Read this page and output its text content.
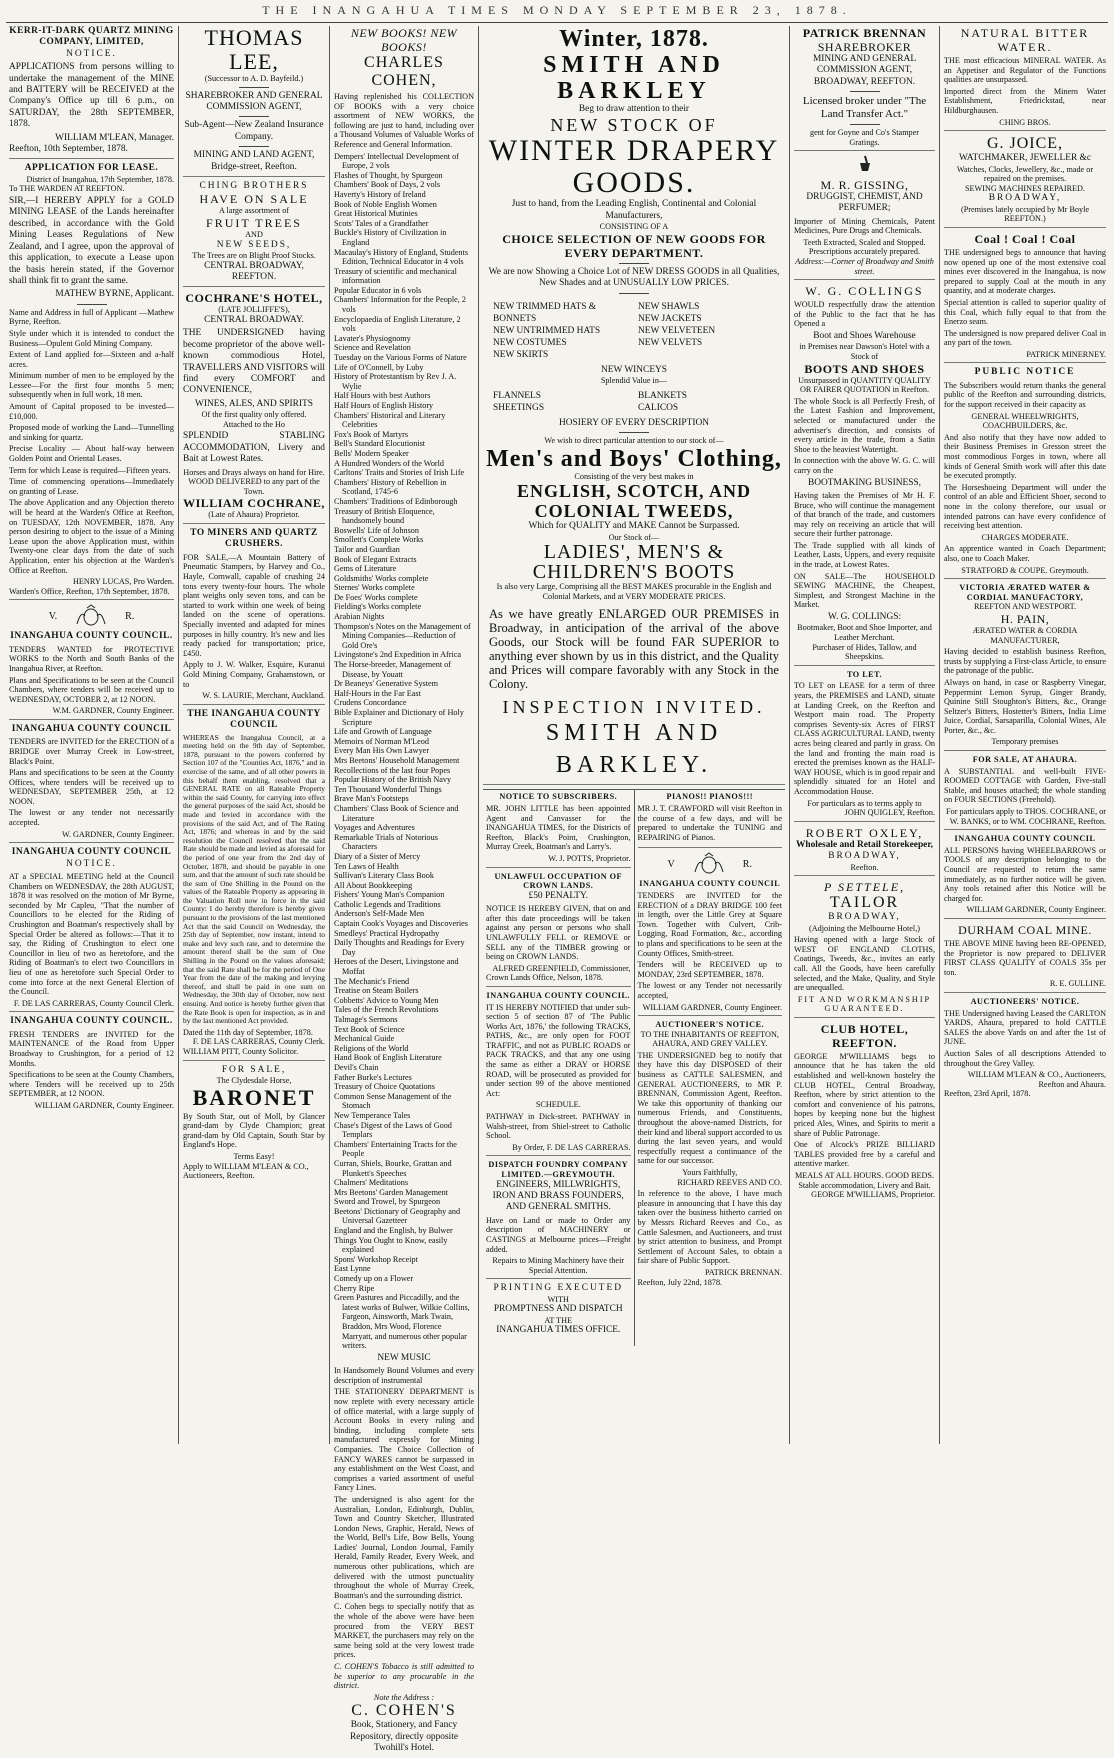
THE INANGAHUA TIMES MONDAY SEPTEMBER 23, 1878.
KERR-IT-DARK QUARTZ MINING COMPANY, LIMITED,
NOTICE.
APPLICATIONS from persons willing to undertake the management of the MINE and BATTERY will be RECEIVED at the Company's Office up till 6 p.m., on SATURDAY, the 28th SEPTEMBER, 1878.
WILLIAM M'LEAN, Manager.
Reefton, 10th September, 1878.
APPLICATION FOR LEASE.
District of Inangahua, 17th September, 1878.
To THE WARDEN AT REEFTON.
SIR,—I HEREBY APPLY for a GOLD MINING LEASE of the Lands hereinafter described, in accordance with the Gold Mining Leases Regulations of New Zealand, and I agree, upon the approval of this application, to execute a Lease upon the basis herein stated, if the Governor shall think fit to grant the same.
MATHEW BYRNE, Applicant.
Name and Address in full of Applicant —Mathew Byrne, Reefton.
Style under which it is intended to conduct the Business—Opulent Gold Mining Company.
Extent of Land applied for—Sixteen and a-half acres.
Minimum number of men to be employed by the Lessee—For the first four months 5 men; subsequently when in full work, 18 men.
Amount of Capital proposed to be invested—£10,000.
Proposed mode of working the Land—Tunnelling and sinking for quartz.
Precise Locality — About half-way between Golden Point and Oriental Leases.
Term for which Lease is required—Fifteen years.
Time of commencing operations—Immediately on granting of Lease.
The above Application and any Objection thereto will be heard at the Warden's Office at Reefton, on TUESDAY, 12th NOVEMBER, 1878. Any person desiring to object to the issue of a Mining Lease upon the above Application must, within Twenty-one clear days from the date of such Application, enter his objection at the Warden's Office at Reefton.
HENRY LUCAS, Pro Warden.
Warden's Office, Reefton, 17th September, 1878.
V.	R.
INANGAHUA COUNTY COUNCIL.
TENDERS WANTED for PROTECTIVE WORKS to the North and South Banks of the Inangahua River, at Reefton.
Plans and Specifications to be seen at the Council Chambers, where tenders will be received up to WEDNESDAY, OCTOBER 2, at 12 NOON.
W.M. GARDNER, County Engineer.
INANGAHUA COUNTY COUNCIL
TENDERS are INVITED for the ERECTION of a BRIDGE over Murray Creek in Low-street, Black's Point.
Plans and specifications to be seen at the County Offices, where tenders will be received up to WEDNESDAY, SEPTEMBER 25th, at 12 NOON.
The lowest or any tender not necessarily accepted.
W. GARDNER, County Engineer.
INANGAHUA COUNTY COUNCIL
NOTICE.
AT a SPECIAL MEETING held at the Council Chambers on WEDNESDAY, the 28th AUGUST, 1878 it was resolved on the motion of Mr Byrne, seconded by Mr Capleu, "That the number of Councillors to be elected for the Riding of Crushington and Boatman's respectively shall by Special Order be altered as follows:—That it to say, the Riding of Crushington to elect one Councillor in lieu of two as heretofore, and the Riding of Boatman's to elect two Councillors in lieu of one as heretofore such Special Order to come into force at the next General Election of the Council.
F. DE LAS CARRERAS, County Council Clerk.
INANGAHUA COUNTY COUNCIL.
FRESH TENDERS are INVITED for the MAINTENANCE of the Road from Upper Broadway to Crushington, for a period of 12 Months.
Specifications to be seen at the County Chambers, where Tenders will be received up to 25th SEPTEMBER, at 12 NOON.
WILLIAM GARDNER, County Engineer.
THOMAS LEE,
(Successor to A. D. Bayfeild.)
SHAREBROKER AND GENERAL COMMISSION AGENT,
Sub-Agent—New Zealand Insurance Company.
MINING AND LAND AGENT,
Bridge-street, Reefton.
CHING BROTHERS
HAVE ON SALE
A large assortment of
FRUIT TREES
AND
NEW SEEDS,
The Trees are on Blight Proof Stocks.
CENTRAL BROADWAY, REEFTON.
COCHRANE'S HOTEL,
(LATE JOLLIFFE'S),
CENTRAL BROADWAY.
THE UNDERSIGNED having become proprietor of the above well-known commodious Hotel, TRAVELLERS AND VISITORS will find every COMFORT and CONVENIENCE,
WINES, ALES, AND SPIRITS
Of the first quality only offered.
Attached to the Ho
SPLENDID STABLING ACCOMMODATION, Livery and Bait at Lowest Rates.
Horses and Drays always on hand for Hire.
WOOD DELIVERED to any part of the Town.
WILLIAM COCHRANE,
(Late of Ahaura) Proprietor.
TO MINERS AND QUARTZ CRUSHERS.
FOR SALE,—A Mountain Battery of Pneumatic Stampers, by Harvey and Co., Hayle, Cornwall, capable of crushing 24 tons every twenty-four hours. The whole plant weighs only seven tons, and can be started to work within one week of being landed on the scene of operations. Specially invented and adapted for mines purposes in hilly country. It's new and lies ready packed for transportation; price, £450.
Apply to J. W. Walker, Esquire, Kuranui Gold Mining Company, Grahamstown, or to
W. S. LAURIE, Merchant, Auckland.
THE INANGAHUA COUNTY COUNCIL
WHEREAS the Inangahua Council, at a meeting held on the 9th day of September, 1878, pursuant to the powers conferred by Section 107 of the "Counties Act, 1876," and in exercise of the same, and of all other powers in this behalf them enabling, resolved that a GENERAL RATE on all Rateable Property within the said County, for carrying into effect the general purposes of the said Act, should be made and levied in accordance with the provisions of the said Act, and of The Rating Act, 1876; and whereas in and by the said resolution the Council resolved that the said Rate should be made and levied as aforesaid for the period of one year from the 2nd day of October, 1878, and should be payable in one sum, and that the amount of such rate should be the sum of One Shilling in the Pound on the values of the Rateable Property as appearing in the Valuation Roll now in force in the said County: I do hereby therefore is hereby given pursuant to the provisions of the last mentioned Act that the said Council on Wednesday, the 25th day of September, now instant, intend to make and levy such rate, and to determine the amount thereof shall be the sum of One Shilling in the Pound on the values aforesaid; that the said Rate shall be for the period of One Year from the date of the making and levying thereof, and shall be paid in one sum on Wednesday, the 30th day of October, now next ensuing. And notice is hereby further given that the Rate Book is open for inspection, as in and by the last mentioned Act provided.
Dated the 11th day of September, 1878.
F. DE LAS CARRERAS, County Clerk.
WILLIAM PITT, County Solicitor.
FOR SALE,
The Clydesdale Horse,
BARONET
By South Star, out of Moll, by Glancer grand-dam by Clyde Champion; great grand-dam by Old Captain, South Star by England's Hope.
Terms Easy!
Apply to WILLIAM M'LEAN & CO., Auctioneers, Reefton.
NEW BOOKS! NEW BOOKS!
CHARLES COHEN,
Having replenished his COLLECTION OF BOOKS with a very choice assortment of NEW WORKS, the following are just to hand, including over a Thousand Volumes of Valuable Works of Reference and General Information.
Dempers' Intellectual Development of Europe, 2 vols
Flashes of Thought, by Spurgeon
Chambers' Book of Days, 2 vols
Haverty's History of Ireland
Book of Noble English Women
Great Historical Mutinies
Scots' Tales of a Grandfather
Buckle's History of Civilization in England
Macaulay's History of England, Students Edition, Technical Educator in 4 vols
Treasury of scientific and mechanical information
Popular Educator in 6 vols
Chambers' Information for the People, 2 vols
Encyclopaedia of English Literature, 2 vols
Lavater's Physiognomy
Science and Revelation
Tuesday on the Various Forms of Nature
Life of O'Connell, by Luby
History of Protestantism by Rev J. A. Wylie
Half Hours with best Authors
Half Hours of English History
Chambers' Historical and Literary Celebrities
Fox's Book of Martyrs
Bell's Standard Elocutionist
Bells' Modern Speaker
A Hundred Wonders of the World
Carltons' Traits and Stories of Irish Life
Chambers' History of Rebellion in Scotland, 1745-6
Chambers' Traditions of Edinborough
Treasury of British Eloquence, handsomely bound
Boswells' Life of Johnson
Smollett's Complete Works
Tailor and Guardian
Book of Elegant Extracts
Gems of Literature
Goldsmiths' Works complete
Sternes' Works complete
De Foes' Works complete
Fielding's Works complete
Arabian Nights
Thompson's Notes on the Management of Mining Companies—Reduction of Gold Ore's
Livingstone's 2nd Expedition in Africa
The Horse-breeder, Management of Disease, by Youatt
Dr Beaneys' Generative System
Half-Hours in the Far East
Crudens Concordance
Bible Explainer and Dictionary of Holy Scripture
Life and Growth of Language
Memoirs of Norman M'Leod
Every Man His Own Lawyer
Mrs Beetons' Household Management
Recollections of the last four Popes
Popular History of the British Navy
Ten Thousand Wonderful Things
Brave Man's Footsteps
Chambers' Class Book of Science and Literature
Voyages and Adventures
Remarkable Trials of Notorious Characters
Diary of a Sister of Mercy
Ten Laws of Health
Sullivan's Literary Class Book
All About Bookkeeping
Fishers' Young Man's Companion
Catholic Legends and Traditions
Anderson's Self-Made Men
Captain Cook's Voyages and Discoveries
Smedleys' Practical Hydropathy
Daily Thoughts and Readings for Every Day
Heroes of the Desert, Livingstone and Moffat
The Mechanic's Friend
Treatise on Steam Boilers
Cobbetts' Advice to Young Men
Tales of the French Revolutions
Talmage's Sermons
Text Book of Science
Mechanical Guide
Religions of the World
Hand Book of English Literature
Devil's Chain
Father Burke's Lectures
Treasury of Choice Quotations
Common Sense Management of the Stomach
New Temperance Tales
Chase's Digest of the Laws of Good Templars
Chambers' Entertaining Tracts for the People
Curran, Shiels, Bourke, Grattan and Plunkett's Speeches
Chalmers' Meditations
Mrs Beetons' Garden Management
Sword and Trowel, by Spurgeon
Beetons' Dictionary of Geography and Universal Gazetteer
England and the English, by Bulwer
Things You Ought to Know, easily explained
Spons' Workshop Receipt
East Lynne
Comedy up on a Flower
Cherry Ripe
Green Pastures and Piccadilly, and the latest works of Bulwer, Wilkie Collins, Fargeon, Ainsworth, Mark Twain, Braddon, Mrs Wood, Florence Marryatt, and numerous other popular writers.
NEW MUSIC
In Handsomely Bound Volumes and every description of instrumental
THE STATIONERY DEPARTMENT is now replete with every necessary article of office material, with a large supply of Account Books in every ruling and binding, including complete sets manufactured expressly for Mining Companies. The Choice Collection of FANCY WARES cannot be surpassed in any establishment on the West Coast, and comprises a varied assortment of useful Fancy Lines.
The undersigned is also agent for the Australian, London, Edinburgh, Dublin, Town and Country Sketcher, Illustrated London News, Graphic, Herald, News of the World, Bell's Life, Bow Bells, Young Ladies' Journal, London Journal, Family Herald, Family Reader, Every Week, and numerous other publications, which are delivered with the utmost punctuality throughout the whole of Murray Creek, Boatman's and the surrounding district.
C. Cohen begs to specially notify that as the whole of the above were have been procured from the VERY BEST MARKET, the purchasers may rely on the same being sold at the very lowest trade prices.
C. COHEN'S Tobacco is still admitted to be superior to any procurable in the district.
Note the Address :
C. COHEN'S
Book, Stationery, and Fancy Repository, directly opposite Twohill's Hotel.
Winter, 1878.
SMITH AND BARKLEY
Beg to draw attention to their
NEW STOCK OF
WINTER DRAPERY GOODS.
Just to hand, from the Leading English, Continental and Colonial Manufacturers,
CONSISTING OF A
CHOICE SELECTION OF NEW GOODS FOR EVERY DEPARTMENT.
We are now Showing a Choice Lot of NEW DRESS GOODS in all Qualities, New Shades and at UNUSUALLY LOW PRICES.
NEW TRIMMED HATS & BONNETS
NEW UNTRIMMED HATS
NEW COSTUMES
NEW SKIRTS
NEW SHAWLS
NEW JACKETS
NEW VELVETEEN
NEW VELVETS
NEW WINCEYS
Splendid Value in—
FLANNELS
SHEETINGS
BLANKETS
CALICOS
HOSIERY OF EVERY DESCRIPTION
We wish to direct particular attention to our stock of—
Men's and Boys' Clothing,
Consisting of the very best makes in
ENGLISH, SCOTCH, AND COLONIAL TWEEDS,
Which for QUALITY and MAKE Cannot be Surpassed.
Our Stock of—
LADIES', MEN'S & CHILDREN'S BOOTS
Is also very Large, Comprising all the BEST MAKES procurable in the English and Colonial Markets, and at VERY MODERATE PRICES.
As we have greatly ENLARGED OUR PREMISES in Broadway, in anticipation of the arrival of the above Goods, our Stock will be found FAR SUPERIOR to anything ever shown by us in this district, and the Quality and Prices will compare favorably with any Stock in the Colony.
INSPECTION INVITED.
SMITH AND BARKLEY.
NOTICE TO SUBSCRIBERS.
MR. JOHN LITTLE has been appointed Agent and Canvasser for the INANGAHUA TIMES, for the Districts of Reefton, Black's Point, Crushington, Murray Creek, Boatman's and Larry's.
W. J. POTTS, Proprietor.
UNLAWFUL OCCUPATION OF CROWN LANDS.
£50 PENALTY.
NOTICE IS HEREBY GIVEN, that on and after this date proceedings will be taken against any person or persons who shall UNLAWFULLY FELL or REMOVE or SELL any of the TIMBER growing or being on CROWN LANDS.
ALFRED GREENFIELD, Commissioner,
Crown Lands Office, Nelson, 1878.
INANGAHUA COUNTY COUNCIL.
IT IS HEREBY NOTIFIED that under sub-section 5 of section 87 of 'The Public Works Act, 1876,' the following TRACKS, PATHS, &c., are only open for FOOT TRAFFIC, and not as PUBLIC ROADS or PACK TRACKS, and that any one using the same as either a DRAY or HORSE ROAD, will be prosecuted as provided for under section 99 of the above mentioned Act:
SCHEDULE.
PATHWAY in Dick-street. PATHWAY in Walsh-street, from Shiel-street to Catholic School.
By Order, F. DE LAS CARRERAS.
DISPATCH FOUNDRY COMPANY LIMITED.—GREYMOUTH.
ENGINEERS, MILLWRIGHTS, IRON AND BRASS FOUNDERS, AND GENERAL SMITHS.
Have on Land or made to Order any description of MACHINERY or CASTINGS at Melbourne prices—Freight added.
Repairs to Mining Machinery have their Special Attention.
PRINTING EXECUTED
WITH
PROMPTNESS AND DISPATCH
AT THE
INANGAHUA TIMES OFFICE.
PIANOS!! PIANOS!!!
MR J. T. CRAWFORD will visit Reefton in the course of a few days, and will be prepared to undertake the TUNING and REPAIRING of Pianos.
V	R.
INANGAHUA COUNTY COUNCIL
TENDERS are INVITED for the ERECTION of a DRAY BRIDGE 100 feet in length, over the Little Grey at Square Town. Together with Culvert, Crib-Logging, Road Formation, &c., according to plans and specifications to be seen at the County Offices, Smith-street.
Tenders will be RECEIVED up to MONDAY, 23rd SEPTEMBER, 1878.
The lowest or any Tender not necessarily accepted,
WILLIAM GARDNER, County Engineer.
AUCTIONEER'S NOTICE.
TO THE INHABITANTS OF REEFTON, AHAURA, AND GREY VALLEY.
THE UNDERSIGNED beg to notify that they have this day DISPOSED of their business as CATTLE SALESMEN, and GENERAL AUCTIONEERS, to MR P. BRENNAN, Commission Agent, Reefton. We take this opportunity of thanking our numerous Friends, and Constituents, throughout the above-named Districts, for their kind and liberal support accorded to us during the last seven years, and would respectfully request a continuance of the same for our successor.
Yours Faithfully,
RICHARD REEVES AND CO.
In reference to the above, I have much pleasure in announcing that I have this day taken over the business hitherto carried on by Messrs Richard Reeves and Co., as Cattle Salesmen, and Auctioneers, and trust by strict attention to business, and Prompt Settlement of Account Sales, to obtain a fair share of Public Support.
PATRICK BRENNAN.
Reefton, July 22nd, 1878.
PATRICK BRENNAN
SHAREBROKER
MINING AND GENERAL COMMISSION AGENT,
BROADWAY, REEFTON.
Licensed broker under "The Land Transfer Act."
gent for Goyne and Co's Stamper Gratings.
M. R. GISSING,
DRUGGIST, CHEMIST, AND PERFUMER;
Importer of Mining Chemicals, Patent Medicines, Pure Drugs and Chemicals.
Teeth Extracted, Scaled and Stopped.
Prescriptions accurately prepared.
Address:—Corner of Broadway and Smith street.
W. G. COLLINGS
WOULD respectfully draw the attention of the Public to the fact that he has Opened a
Boot and Shoes Warehouse
in Premises near Dawson's Hotel with a Stock of
BOOTS AND SHOES
Unsurpassed in QUANTITY QUALITY OR FAIRER QUOTATION in Reefton.
The whole Stock is all Perfectly Fresh, of the Latest Fashion and Improvement, selected or manufactured under the advertiser's direction, and consists of every article in the trade, from a Satin Shoe to the heaviest Watertight.
In connection with the above W. G. C. will carry on the
BOOTMAKING BUSINESS,
Having taken the Premises of Mr H. F. Bruce, who will continue the management of that branch of the trade, and customers may rely on receiving an article that will secure their further patronage.
The Trade supplied with all kinds of Leather, Lasts, Uppers, and every requisite in the trade, at Lowest Rates.
ON SALE—The HOUSEHOLD SEWING MACHINE, the Cheapest, Simplest, and Strongest Machine in the Market.
W. G. COLLINGS:
Bootmaker, Boot and Shoe Importer, and Leather Merchant.
Purchaser of Hides, Tallow, and Sheepskins.
TO LET.
TO LET on LEASE for a term of three years, the PREMISES and LAND, situate at Landing Creek, on the Reefton and Westport main road. The Property comprises Seventy-six Acres of FIRST CLASS AGRICULTURAL LAND, twenty acres being cleared and partly in grass. On the land and fronting the main road is erected the premises known as the HALF-WAY HOUSE, which is in good repair and splendidly situated for an Hotel and Accommodation House.
For particulars as to terms apply to
JOHN QUIGLEY, Reefton.
ROBERT OXLEY,
Wholesale and Retail Storekeeper,
BROADWAY,
Reefton.
P SETTELE,
TAILOR
BROADWAY,
(Adjoining the Melbourne Hotel,)
Having opened with a large Stock of WEST OF ENGLAND CLOTHS, Coatings, Tweeds, &c., invites an early call. All the Goods, have been carefully selected, and the Make, Quality, and Style are unequalled.
FIT AND WORKMANSHIP GUARANTEED.
CLUB HOTEL, REEFTON.
GEORGE M'WILLIAMS begs to announce that he has taken the old established and well-known hostelry the CLUB HOTEL, Central Broadway, Reefton, where by strict attention to the comfort and convenience of his patrons, hopes by keeping none but the highest priced Ales, Wines, and Spirits to merit a share of Public Patronage.
One of Alcock's PRIZE BILLIARD TABLES provided free by a careful and attentive marker.
MEALS AT ALL HOURS. GOOD BEDS.
Stable accommodation, Livery and Bait.
GEORGE M'WILLIAMS, Proprietor.
NATURAL BITTER WATER.
THE most efficacious MINERAL WATER. As an Appetiser and Regulator of the Functions qualities are unsurpassed.
Imported direct from the Minern Water Establishment, Friedrickstad, near Hildburghausen.
CHING BROS.
G. JOICE,
WATCHMAKER, JEWELLER &c
Watches, Clocks, Jewellery, &c., made or repaired on the premises.
SEWING MACHINES REPAIRED.
BROADWAY,
(Premises lately occupied by Mr Boyle REEFTON.)
Coal ! Coal ! Coal
THE undersigned begs to announce that having now opened up one of the most extensive coal mines ever discovered in the Inangahua, is now prepared to supply Coal at the mouth in any quantity, and at moderate charges.
Special attention is called to superior quality of this Coal, which fully equal to that from the Enerzo seam.
The undersigned is now prepared deliver Coal in any part of the town.
PATRICK MINERNEY.
PUBLIC NOTICE
The Subscribers would return thanks the general public of the Reefton and surrounding districts, for the support received in their capacity as
GENERAL WHEELWRIGHTS, COACHBUILDERS, &c.
And also notify that they have now added to their Business Premises in Gresson street the most commodious Forges in town, where all kinds of General Smith work will after this date be executed promptly.
The Horseshoeing Department will under the control of an able and Efficient Shoer, second to none in the colony therefore, our usual or intended patrons can have every confidence of receiving best attention.
CHARGES MODERATE.
An apprentice wanted in Coach Department; also, one to Coach Maker.
STRATFORD & COUPE. Greymouth.
VICTORIA ÆRATED WATER & CORDIAL MANUFACTORY,
REEFTON AND WESTPORT.
H. PAIN,
ÆRATED WATER & CORDIA MANUFACTURER,
Having decided to establish business Reefton, trusts by supplying a First-class Article, to ensure the patronage of the public.
Always on hand, in case or Raspberry Vinegar, Peppermint Lemon Syrup, Ginger Brandy, Quinine Still Stoughton's Bitters, &c., Orange Seltzer's Bitters, Hostetter's Bitters, India Lime Juice, Cordial, Sarsaparilla, Colonial Wines, Ale Porter, &c., &c.
Temporary premises
FOR SALE, AT AHAURA.
A SUBSTANTIAL and well-built FIVE-ROOMED COTTAGE with Garden, Five-stall Stable, and houses attached; the whole standing on FOUR SECTIONS (Freehold).
For particulars apply to THOS. COCHRANE, or W. BANKS, or to WM. COCHRANE, Reefton.
INANGAHUA COUNTY COUNCIL
ALL PERSONS having WHEELBARROWS or TOOLS of any description belonging to the Council are requested to return the same immediately, as no further notice will be given. Any tools retained after this Notice will be charged for.
WILLIAM GARDNER, County Engineer.
DURHAM COAL MINE.
THE ABOVE MINE having been RE-OPENED, the Proprietor is now prepared to DELIVER FIRST CLASS QUALITY of COALS 35s per ton.
R. E. GULLINE.
AUCTIONEERS' NOTICE.
THE Undersigned having Leased the CARLTON YARDS, Ahaura, prepared to hold CATTLE SALES the above Yards on and after the 1st of JUNE.
Auction Sales of all descriptions Attended to throughout the Grey Valley.
WILLIAM M'LEAN & CO., Auctioneers, Reefton and Ahaura.
Reefton, 23rd April, 1878.
